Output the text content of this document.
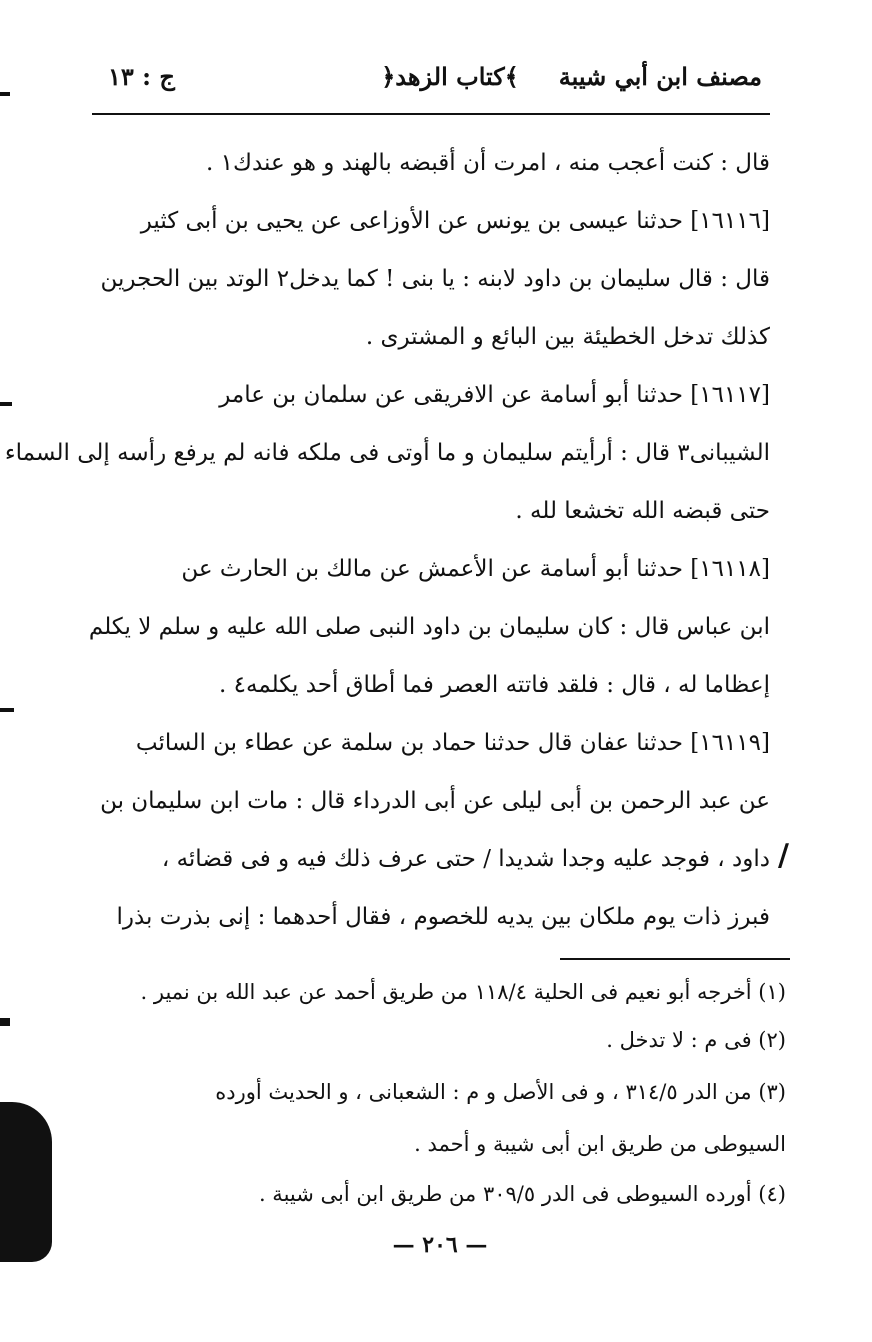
مصنف ابن أبي شيبة
﴿كتاب الزهد﴾
ج : ١٣
قال : كنت أعجب منه ، امرت أن أقبضه بالهند و هو عندك١ .
[١٦١١٦] حدثنا عيسى بن يونس عن الأوزاعى عن يحيى بن أبى كثير
قال : قال سليمان بن داود لابنه : يا بنى ! كما يدخل٢ الوتد بين الحجرين
كذلك تدخل الخطيئة بين البائع و المشترى .
[١٦١١٧] حدثنا أبو أسامة عن الافريقى عن سلمان بن عامر
الشيبانى٣ قال : أرأيتم سليمان و ما أوتى فى ملكه فانه لم يرفع رأسه إلى السماء
حتى قبضه الله تخشعا لله .
[١٦١١٨] حدثنا أبو أسامة عن الأعمش عن مالك بن الحارث عن
ابن عباس قال : كان سليمان بن داود النبى صلى الله عليه و سلم لا يكلم
إعظاما له ، قال : فلقد فاتته العصر فما أطاق أحد يكلمه٤ .
[١٦١١٩] حدثنا عفان قال حدثنا حماد بن سلمة عن عطاء بن السائب
عن عبد الرحمن بن أبى ليلى عن أبى الدرداء قال : مات ابن سليمان بن
داود ، فوجد عليه وجدا شديدا / حتى عرف ذلك فيه و فى قضائه ،
فبرز ذات يوم ملكان بين يديه للخصوم ، فقال أحدهما : إنى بذرت بذرا
/
(١) أخرجه أبو نعيم فى الحلية ١١٨/٤ من طريق أحمد عن عبد الله بن نمير .
(٢) فى م : لا تدخل .
(٣) من الدر ٣١٤/٥ ، و فى الأصل و م : الشعبانى ، و الحديث أورده
السيوطى من طريق ابن أبى شيبة و أحمد .
(٤) أورده السيوطى فى الدر ٣٠٩/٥ من طريق ابن أبى شيبة .
— ٢٠٦ —
